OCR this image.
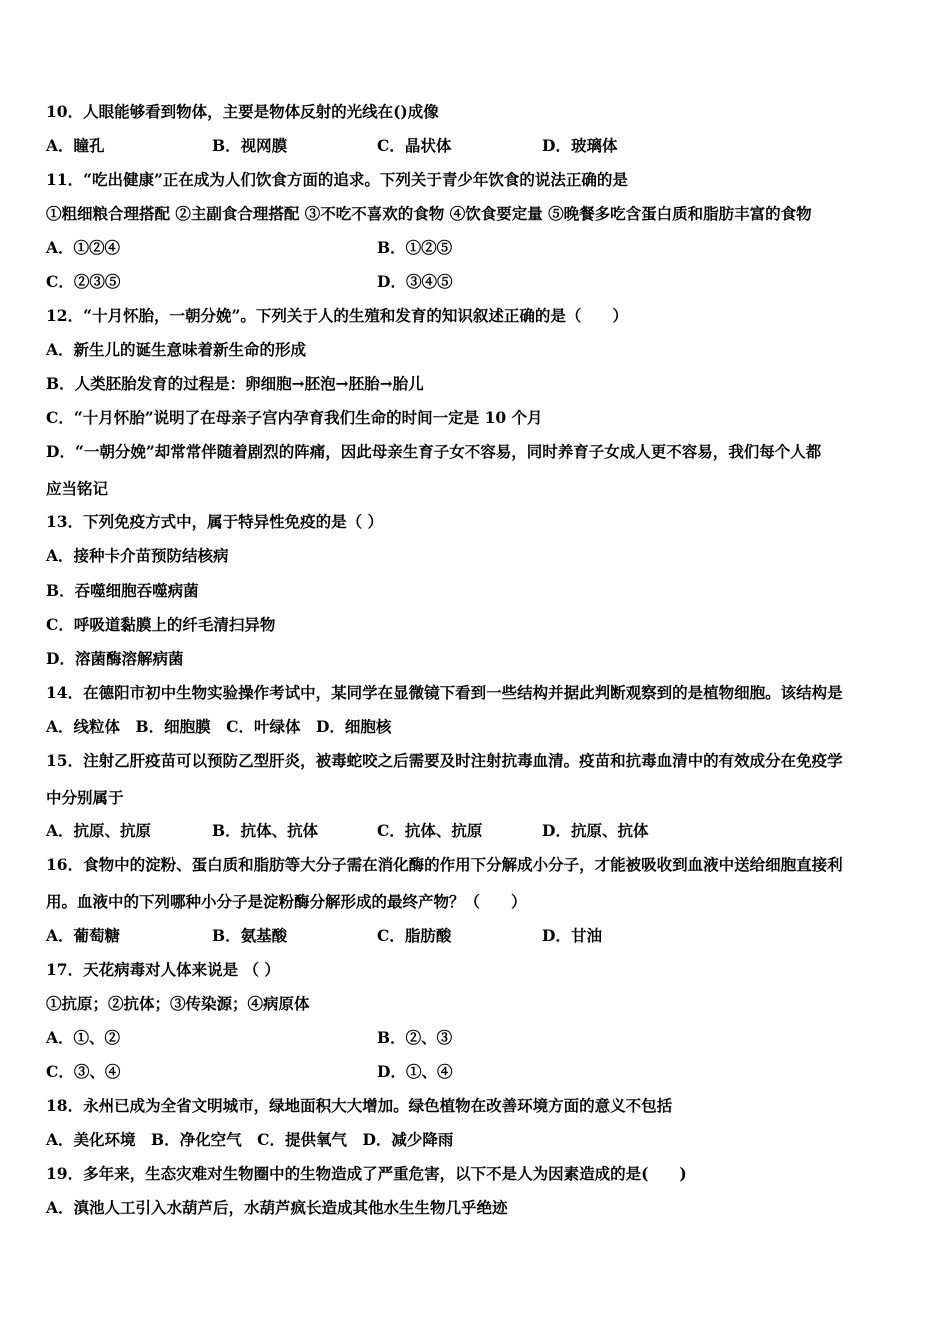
10．人眼能够看到物体，主要是物体反射的光线在()成像
A．瞳孔	B．视网膜	C．晶状体	D．玻璃体
11．“吃出健康”正在成为人们饮食方面的追求。下列关于青少年饮食的说法正确的是
①粗细粮合理搭配 ②主副食合理搭配 ③不吃不喜欢的食物 ④饮食要定量 ⑤晚餐多吃含蛋白质和脂肪丰富的食物
A．①②④	B．①②⑤
C．②③⑤	D．③④⑤
12．“十月怀胎，一朝分娩”。下列关于人的生殖和发育的知识叙述正确的是（　　）
A．新生儿的诞生意味着新生命的形成
B．人类胚胎发育的过程是：卵细胞→胚泡→胚胎→胎儿
C．“十月怀胎”说明了在母亲子宫内孕育我们生命的时间一定是 10 个月
D．“一朝分娩”却常常伴随着剧烈的阵痛，因此母亲生育子女不容易，同时养育子女成人更不容易，我们每个人都
应当铭记
13．下列免疫方式中，属于特异性免疫的是（ ）
A．接种卡介苗预防结核病
B．吞噬细胞吞噬病菌
C．呼吸道黏膜上的纤毛清扫异物
D．溶菌酶溶解病菌
14．在德阳市初中生物实验操作考试中，某同学在显微镜下看到一些结构并据此判断观察到的是植物细胞。该结构是
A．线粒体　B．细胞膜　C．叶绿体　D．细胞核
15．注射乙肝疫苗可以预防乙型肝炎，被毒蛇咬之后需要及时注射抗毒血清。疫苗和抗毒血清中的有效成分在免疫学
中分别属于
A．抗原、抗原	B．抗体、抗体	C．抗体、抗原	D．抗原、抗体
16．食物中的淀粉、蛋白质和脂肪等大分子需在消化酶的作用下分解成小分子，才能被吸收到血液中送给细胞直接利
用。血液中的下列哪种小分子是淀粉酶分解形成的最终产物？（　　）
A．葡萄糖	B．氨基酸	C．脂肪酸	D．甘油
17．天花病毒对人体来说是 （ ）
①抗原；②抗体；③传染源；④病原体
A．①、②	B．②、③
C．③、④	D．①、④
18．永州已成为全省文明城市，绿地面积大大增加。绿色植物在改善环境方面的意义不包括
A．美化环境　B．净化空气　C．提供氧气　D．减少降雨
19．多年来，生态灾难对生物圈中的生物造成了严重危害，以下不是人为因素造成的是(　　)
A．滇池人工引入水葫芦后，水葫芦疯长造成其他水生生物几乎绝迹
